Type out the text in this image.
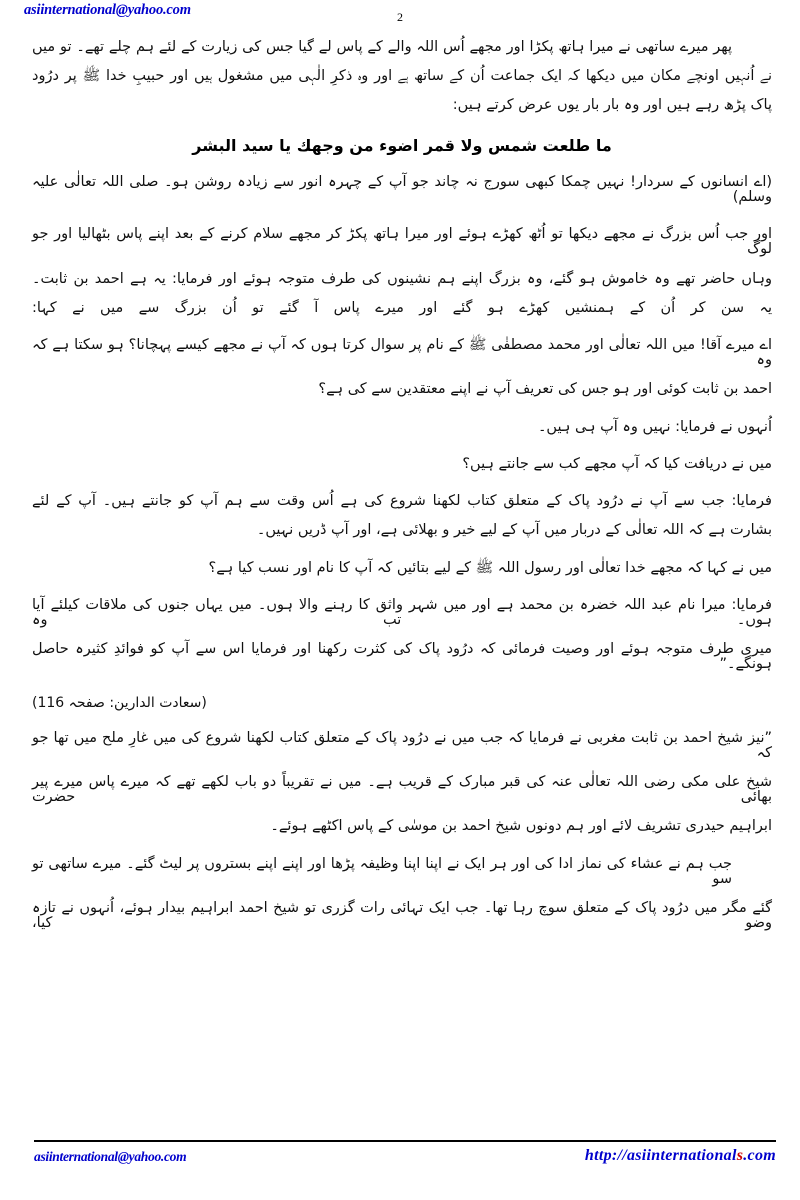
asiinternational@yahoo.com	2
پھر میرے ساتھی نے میرا ہاتھ پکڑا اور مجھے اُس اللہ والے کے پاس لے گیا جس کی زیارت کے لئے ہم چلے تھے۔ تو میں
نے اُنہیں اونچے مکان میں دیکھا کہ ایک جماعت اُن کے ساتھ ہے اور وہ ذکرِ الٰہی میں مشغول ہیں اور حبیبِ خدا ﷺ پر درُود
پاک پڑھ رہے ہیں اور وہ بار بار یوں عرض کرتے ہیں:
ما طلعت شمس ولا قمر اضوء من وجهك يا سيد البشر
(اے انسانوں کے سردار! نہیں چمکا کبھی سورج نہ چاند جو آپ کے چہرہ انور سے زیادہ روشن ہو۔ صلی اللہ تعالٰی علیہ وسلم)
اور جب اُس بزرگ نے مجھے دیکھا تو اُٹھ کھڑے ہوئے اور میرا ہاتھ پکڑ کر مجھے سلام کرنے کے بعد اپنے پاس بٹھالیا اور جو لوگ
وہاں حاضر تھے وہ خاموش ہو گئے، وہ بزرگ اپنے ہم نشینوں کی طرف متوجہ ہوئے اور فرمایا: یہ ہے احمد بن ثابت۔
یہ سن کر اُن کے ہمنشیں کھڑے ہو گئے اور میرے پاس آ گئے تو اُن بزرگ سے میں نے کہا:
اے میرے آقا! میں اللہ تعالٰی اور محمد مصطفٰی ﷺ کے نام پر سوال کرتا ہوں کہ آپ نے مجھے کیسے پہچانا؟ ہو سکتا ہے کہ وہ
احمد بن ثابت کوئی اور ہو جس کی تعریف آپ نے اپنے معتقدین سے کی ہے؟
اُنہوں نے فرمایا: نہیں وہ آپ ہی ہیں۔
میں نے دریافت کیا کہ آپ مجھے کب سے جانتے ہیں؟
فرمایا: جب سے آپ نے درُود پاک کے متعلق کتاب لکھنا شروع کی ہے اُس وقت سے ہم آپ کو جانتے ہیں۔ آپ کے لئے
بشارت ہے کہ اللہ تعالٰی کے دربار میں آپ کے لیے خیر و بھلائی ہے، اور آپ ڈریں نہیں۔
میں نے کہا کہ مجھے خدا تعالٰی اور رسول اللہ ﷺ کے لیے بتائیں کہ آپ کا نام اور نسب کیا ہے؟
فرمایا: میرا نام عبد اللہ خضرہ بن محمد ہے اور میں شہر واثق کا رہنے والا ہوں۔ میں یہاں جنوں کی ملاقات کیلئے آیا ہوں۔ تب وہ
میری طرف متوجہ ہوئے اور وصیت فرمائی کہ درُود پاک کی کثرت رکھنا اور فرمایا اس سے آپ کو فوائدِ کثیرہ حاصل ہونگے۔”
(سعادت الدارین: صفحہ 116)
”نیز شیخ احمد بن ثابت مغربی نے فرمایا کہ جب میں نے درُود پاک کے متعلق کتاب لکھنا شروع کی میں غارِ ملح میں تھا جو کہ
شیخ علی مکی رضی اللہ تعالٰی عنہ کی قبر مبارک کے قریب ہے۔ میں نے تقریباً دو باب لکھے تھے کہ میرے پاس میرے پیر بھائی حضرت
ابراہیم حیدری تشریف لائے اور ہم دونوں شیخ احمد بن موسٰی کے پاس اکٹھے ہوئے۔
جب ہم نے عشاء کی نماز ادا کی اور ہر ایک نے اپنا اپنا وظیفہ پڑھا اور اپنے اپنے بستروں پر لیٹ گئے۔ میرے ساتھی تو سو
گئے مگر میں درُود پاک کے متعلق سوچ رہا تھا۔ جب ایک تہائی رات گزری تو شیخ احمد ابراہیم بیدار ہوئے، اُنہوں نے تازہ وضو کیا،
asiinternational@yahoo.com	http://asiinternationals.com
